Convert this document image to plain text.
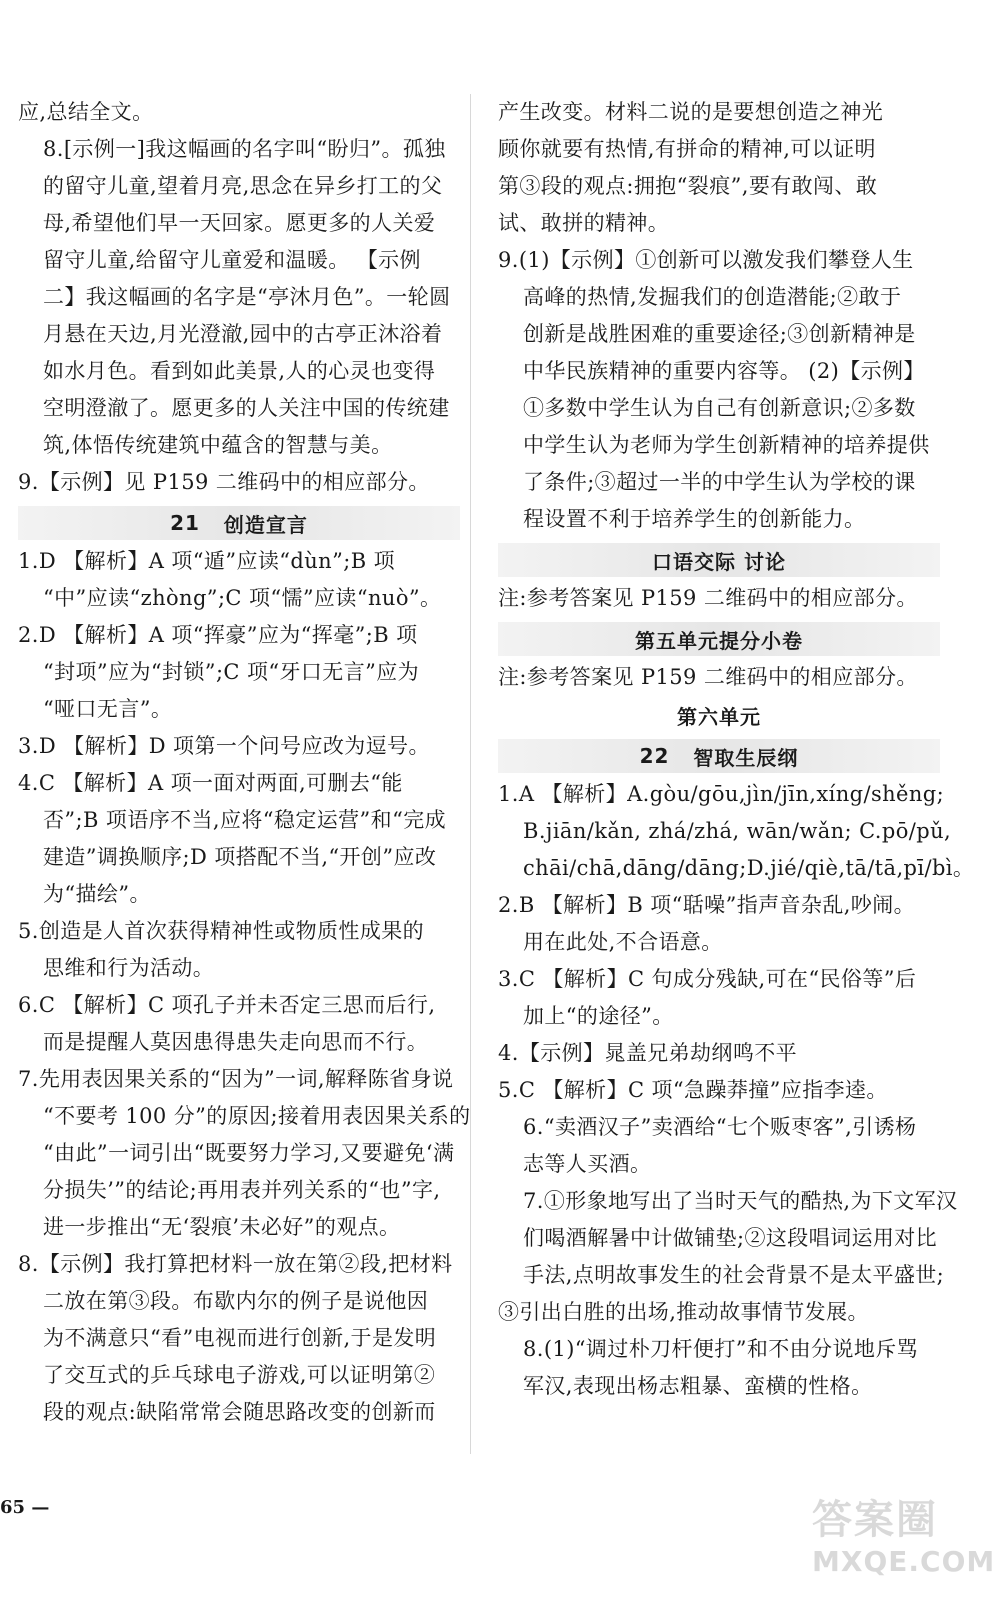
应,总结全文。
8.[示例一]我这幅画的名字叫“盼归”。孤独
的留守儿童,望着月亮,思念在异乡打工的父
母,希望他们早一天回家。愿更多的人关爱
留守儿童,给留守儿童爱和温暖。 【示例
二】我这幅画的名字是“亭沐月色”。一轮圆
月悬在天边,月光澄澈,园中的古亭正沐浴着
如水月色。看到如此美景,人的心灵也变得
空明澄澈了。愿更多的人关注中国的传统建
筑,体悟传统建筑中蕴含的智慧与美。
9.【示例】见 P159 二维码中的相应部分。
21 创造宣言
1.D 【解析】A 项“遁”应读“dùn”;B 项
“中”应读“zhòng”;C 项“懦”应读“nuò”。
2.D 【解析】A 项“挥豪”应为“挥毫”;B 项
“封项”应为“封锁”;C 项“牙口无言”应为
“哑口无言”。
3.D 【解析】D 项第一个问号应改为逗号。
4.C 【解析】A 项一面对两面,可删去“能
否”;B 项语序不当,应将“稳定运营”和“完成
建造”调换顺序;D 项搭配不当,“开创”应改
为“描绘”。
5.创造是人首次获得精神性或物质性成果的
思维和行为活动。
6.C 【解析】C 项孔子并未否定三思而后行,
而是提醒人莫因患得患失走向思而不行。
7.先用表因果关系的“因为”一词,解释陈省身说
“不要考 100 分”的原因;接着用表因果关系的
“由此”一词引出“既要努力学习,又要避免‘满
分损失’”的结论;再用表并列关系的“也”字,
进一步推出“无‘裂痕’未必好”的观点。
8.【示例】我打算把材料一放在第②段,把材料
二放在第③段。布歇内尔的例子是说他因
为不满意只“看”电视而进行创新,于是发明
了交互式的乒乓球电子游戏,可以证明第②
段的观点:缺陷常常会随思路改变的创新而
产生改变。材料二说的是要想创造之神光
顾你就要有热情,有拼命的精神,可以证明
第③段的观点:拥抱“裂痕”,要有敢闯、敢
试、敢拼的精神。
9.(1)【示例】①创新可以激发我们攀登人生
高峰的热情,发掘我们的创造潜能;②敢于
创新是战胜困难的重要途径;③创新精神是
中华民族精神的重要内容等。 (2)【示例】
①多数中学生认为自己有创新意识;②多数
中学生认为老师为学生创新精神的培养提供
了条件;③超过一半的中学生认为学校的课
程设置不利于培养学生的创新能力。
口语交际 讨论
注:参考答案见 P159 二维码中的相应部分。
第五单元提分小卷
注:参考答案见 P159 二维码中的相应部分。
第六单元
22 智取生辰纲
1.A 【解析】A.gòu/gōu,jìn/jīn,xíng/shěng;
B.jiān/kǎn, zhá/zhá, wān/wǎn; C.pō/pǔ,
chāi/chā,dāng/dāng;D.jié/qiè,tā/tā,pī/bì。
2.B 【解析】B 项“聒噪”指声音杂乱,吵闹。
用在此处,不合语意。
3.C 【解析】C 句成分残缺,可在“民俗等”后
加上“的途径”。
4.【示例】晁盖兄弟劫纲鸣不平
5.C 【解析】C 项“急躁莽撞”应指李逵。
6.“卖酒汉子”卖酒给“七个贩枣客”,引诱杨
志等人买酒。
7.①形象地写出了当时天气的酷热,为下文军汉
们喝酒解暑中计做铺垫;②这段唱词运用对比
手法,点明故事发生的社会背景不是太平盛世;
③引出白胜的出场,推动故事情节发展。
8.(1)“调过朴刀杆便打”和不由分说地斥骂
军汉,表现出杨志粗暴、蛮横的性格。
65 —	答案圈
MXQE.COM
